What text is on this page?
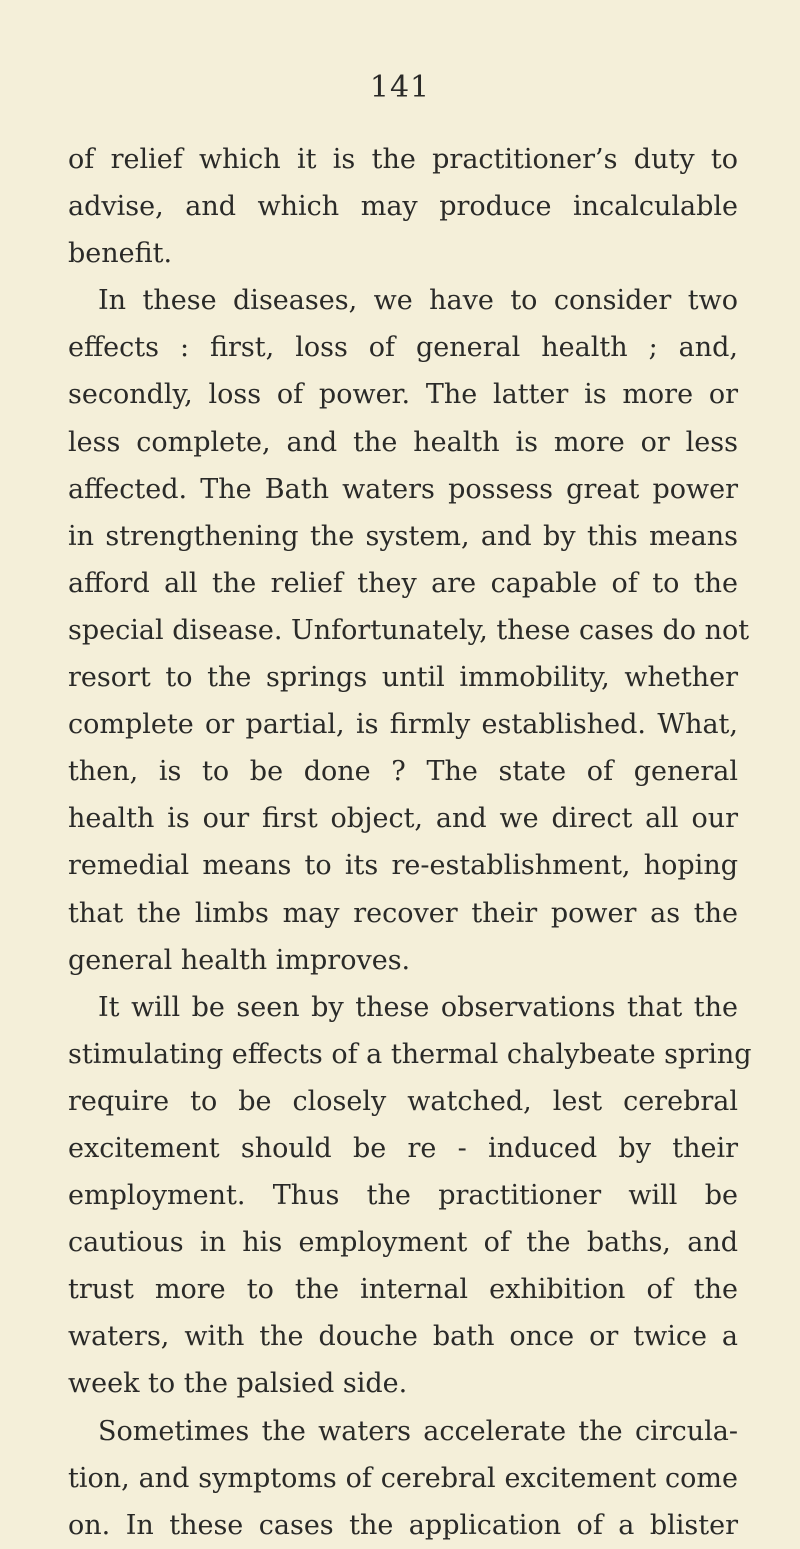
141
of relief which it is the practitioner’s duty to
advise, and which may produce incalculable
benefit.
In these diseases, we have to consider two
effects : first, loss of general health ; and,
secondly, loss of power. The latter is more or
less complete, and the health is more or less
affected. The Bath waters possess great power
in strengthening the system, and by this means
afford all the relief they are capable of to the
special disease. Unfortunately, these cases do not
resort to the springs until immobility, whether
complete or partial, is firmly established. What,
then, is to be done ? The state of general
health is our first object, and we direct all our
remedial means to its re-establishment, hoping
that the limbs may recover their power as the
general health improves.
It will be seen by these observations that the
stimulating effects of a thermal chalybeate spring
require to be closely watched, lest cerebral
excitement should be re - induced by their
employment. Thus the practitioner will be
cautious in his employment of the baths, and
trust more to the internal exhibition of the
waters, with the douche bath once or twice a
week to the palsied side.
Sometimes the waters accelerate the circula-
tion, and symptoms of cerebral excitement come
on. In these cases the application of a blister
